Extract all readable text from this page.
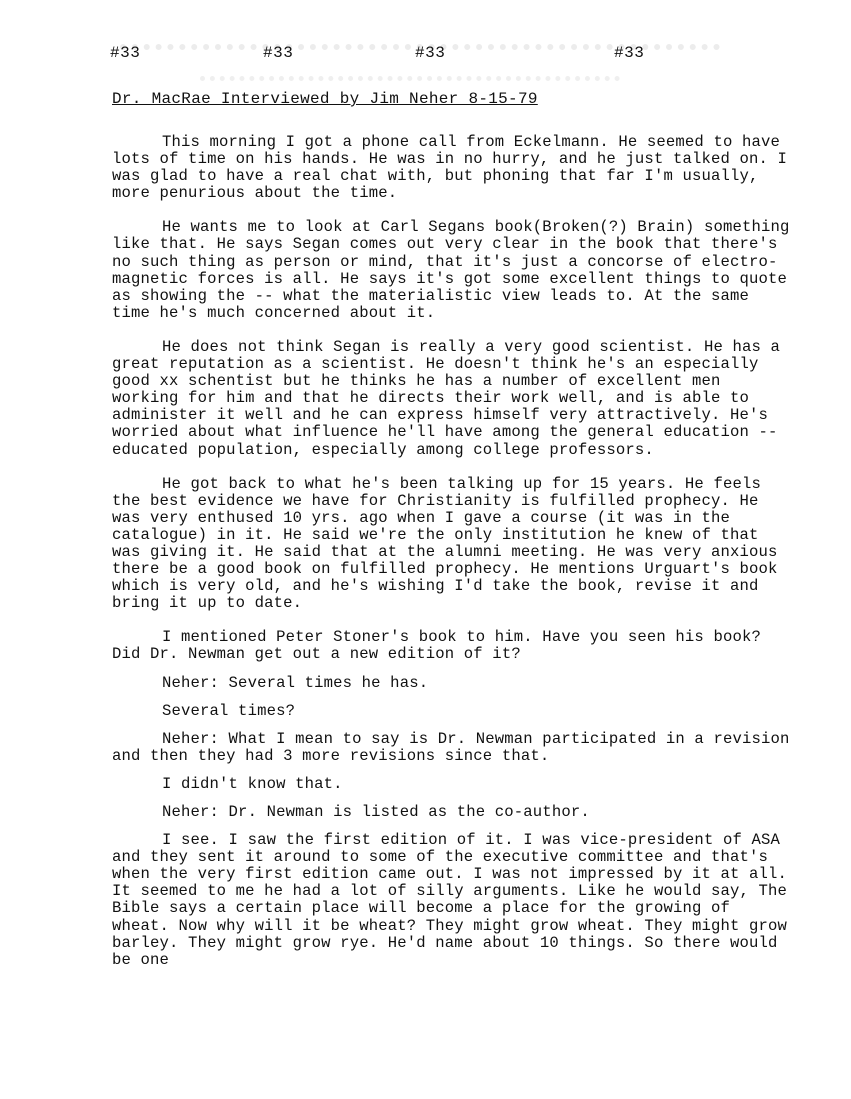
#33	#33	#33	#33
Dr. MacRae Interviewed by Jim Neher 8-15-79

This morning I got a phone call from Eckelmann. He seemed to have lots of time on his hands. He was in no hurry, and he just talked on. I was glad to have a real chat with, but phoning that far I'm usually, more penurious about the time.

He wants me to look at Carl Segans book(Broken(?) Brain) something like that. He says Segan comes out very clear in the book that there's no such thing as person or mind, that it's just a concorse of electro-magnetic forces is all. He says it's got some excellent things to quote as showing the -- what the materialistic view leads to. At the same time he's much concerned about it.

He does not think Segan is really a very good scientist. He has a great reputation as a scientist. He doesn't think he's an especially good xx schentist but he thinks he has a number of excellent men working for him and that he directs their work well, and is able to administer it well and he can express himself very attractively. He's worried about what influence he'll have among the general education -- educated population, especially among college professors.

He got back to what he's been talking up for 15 years. He feels the best evidence we have for Christianity is fulfilled prophecy. He was very enthused 10 yrs. ago when I gave a course (it was in the catalogue) in it. He said we're the only institution he knew of that was giving it. He said that at the alumni meeting. He was very anxious there be a good book on fulfilled prophecy. He mentions Urguart's book which is very old, and he's wishing I'd take the book, revise it and bring it up to date.

I mentioned Peter Stoner's book to him. Have you seen his book? Did Dr. Newman get out a new edition of it?

Neher: Several times he has.

Several times?

Neher: What I mean to say is Dr. Newman participated in a revision and then they had 3 more revisions since that.

I didn't know that.

Neher: Dr. Newman is listed as the co-author.

I see. I saw the first edition of it. I was vice-president of ASA and they sent it around to some of the executive committee and that's when the very first edition came out. I was not impressed by it at all. It seemed to me he had a lot of silly arguments. Like he would say, The Bible says a certain place will become a place for the growing of wheat. Now why will it be wheat? They might grow wheat. They might grow barley. They might grow rye. He'd name about 10 things. So there would be one
